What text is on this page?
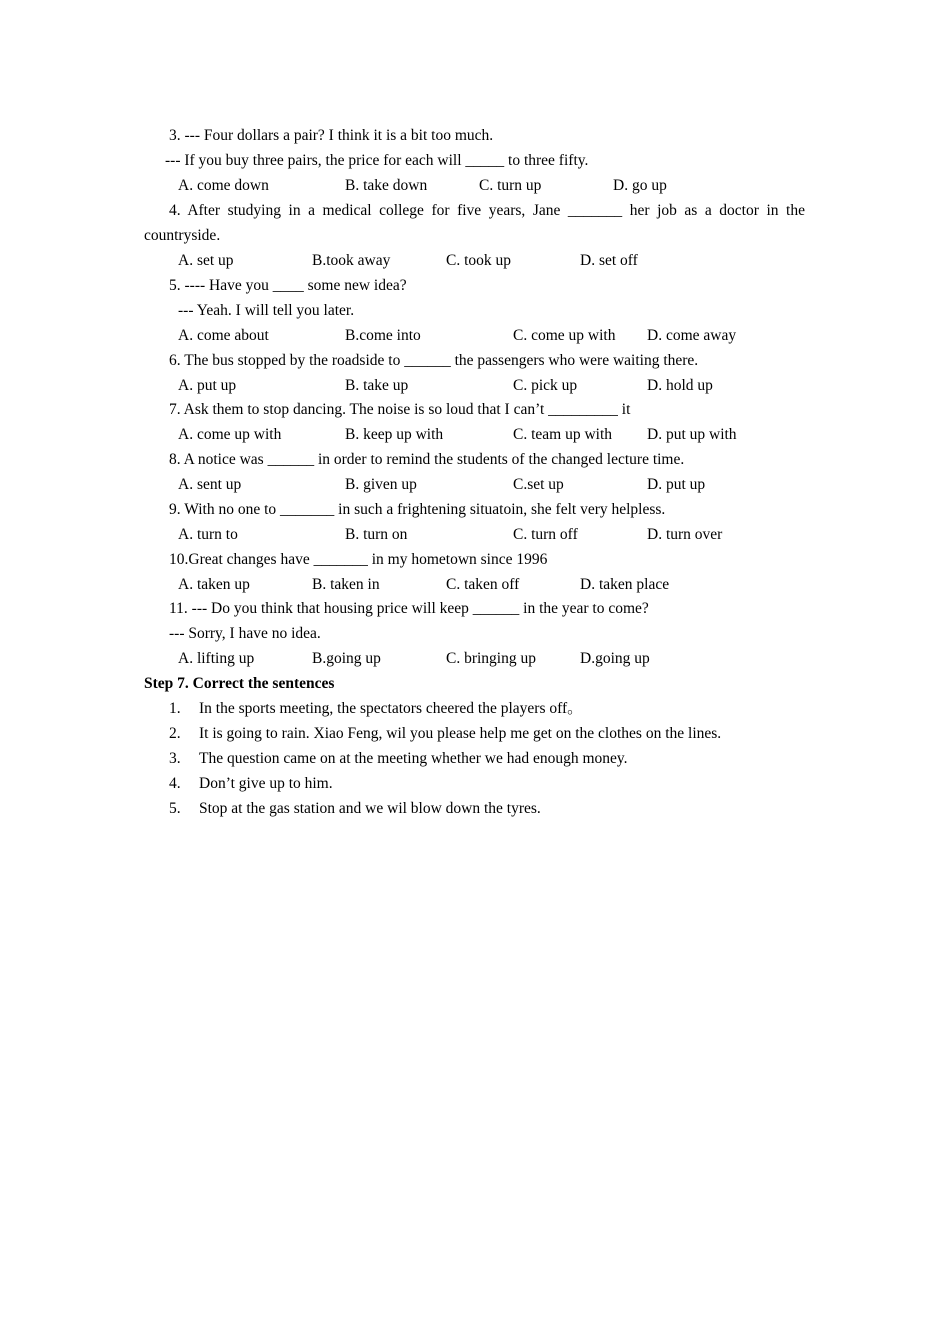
3. --- Four dollars a pair? I think it is a bit too much.
--- If you buy three pairs, the price for each will _____ to three fifty.
A. come down	B. take down	C. turn up	D. go up
4. After studying in a medical college for five years, Jane _______ her job as a doctor in the
countryside.
A. set up	B.took away	C. took up	D. set off
5. ---- Have you ____ some new idea?
--- Yeah. I will tell you later.
A. come about	B.come into	C. come up with D. come away
6. The bus stopped by the roadside to ______ the passengers who were waiting there.
A. put up	B. take up	C. pick up	D. hold up
7. Ask them to stop dancing. The noise is so loud that I can’t _________ it
A. come up with	B. keep up with	C. team up with D. put up with
8. A notice was ______ in order to remind the students of the changed lecture time.
A. sent up	B. given up	C.set up	D. put up
9. With no one to _______ in such a frightening situatoin, she felt very helpless.
A. turn to	B. turn on	C. turn off	D. turn over
10.Great changes have _______ in my hometown since 1996
A. taken up	B. taken in	C. taken off	D. taken place
11. --- Do you think that housing price will keep ______ in the year to come?
--- Sorry, I have no idea.
A. lifting up	B.going up	C. bringing up	D.going up
Step 7. Correct the sentences
1. In the sports meeting, the spectators cheered the players off。
2. It is going to rain. Xiao Feng, wil you please help me get on the clothes on the lines.
3. The question came on at the meeting whether we had enough money.
4. Don’t give up to him.
5. Stop at the gas station and we wil blow down the tyres.
